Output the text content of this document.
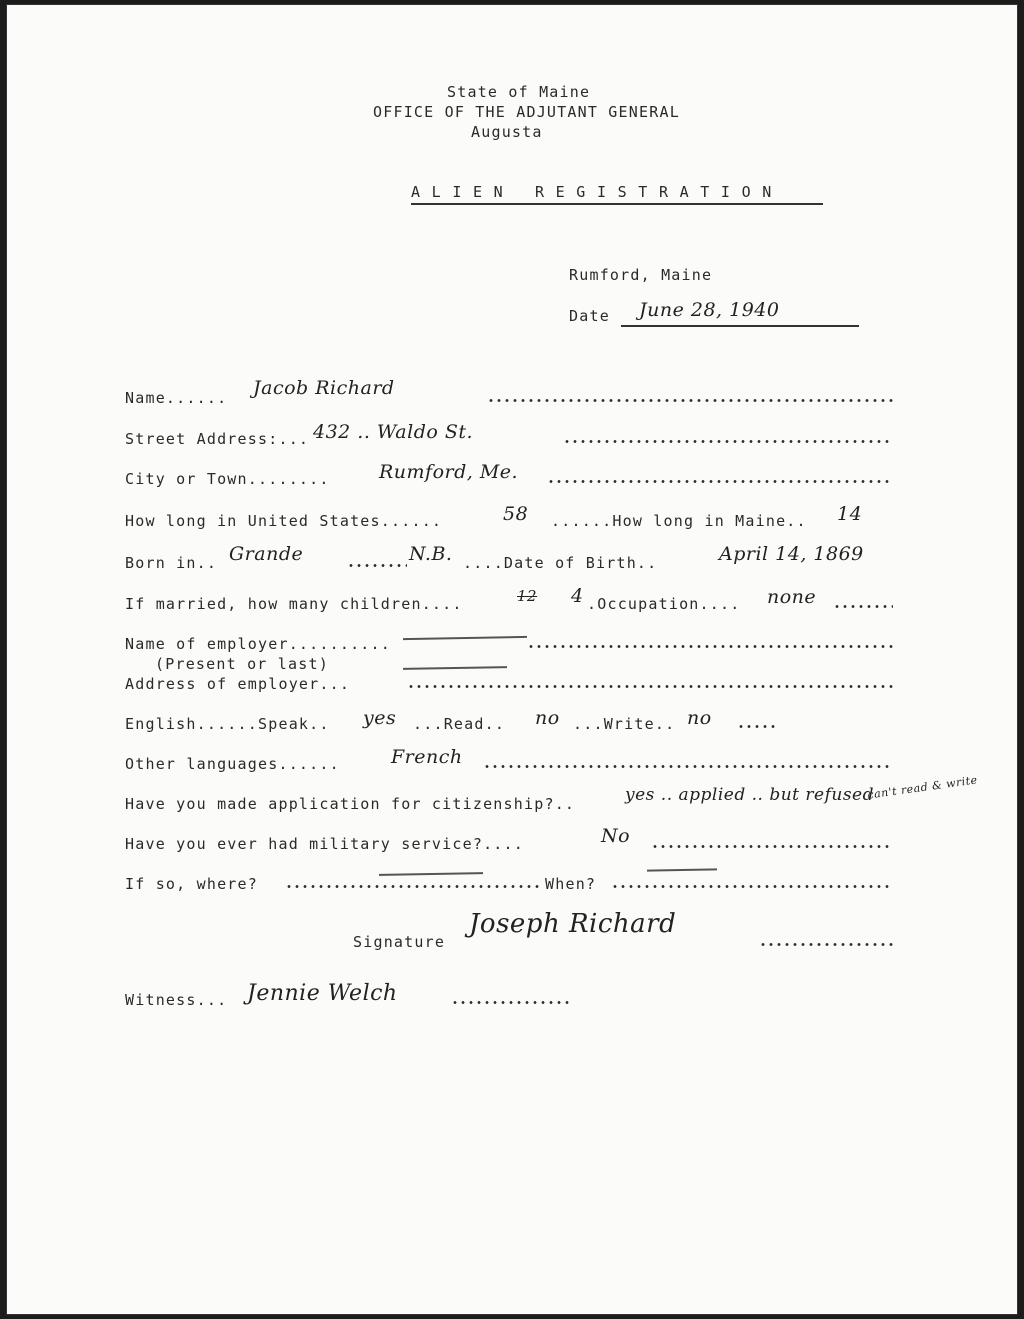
State of Maine
OFFICE OF THE ADJUTANT GENERAL
Augusta
A L I E N   R E G I S T R A T I O N
Rumford, Maine
Date June 28, 1940
Name...... Jacob Richard
Street Address:... 432 .. Waldo St.
City or Town........	Rumford, Me.
How long in United States......	58 ......How long in Maine.. 14
Born in.. Grande	N.B. ....Date of Birth..	April 14, 1869
If married, how many children....	12 4 .Occupation.... none
Name of employer..........
(Present or last)
Address of employer...
English......Speak.. yes ...Read.. no ...Write.. no
Other languages......	French
Have you made application for citizenship?..	yes .. applied .. but refused
can't read & write
Have you ever had military service?....	No
If so, where?	When?
Signature
Joseph Richard
Witness... Jennie Welch
